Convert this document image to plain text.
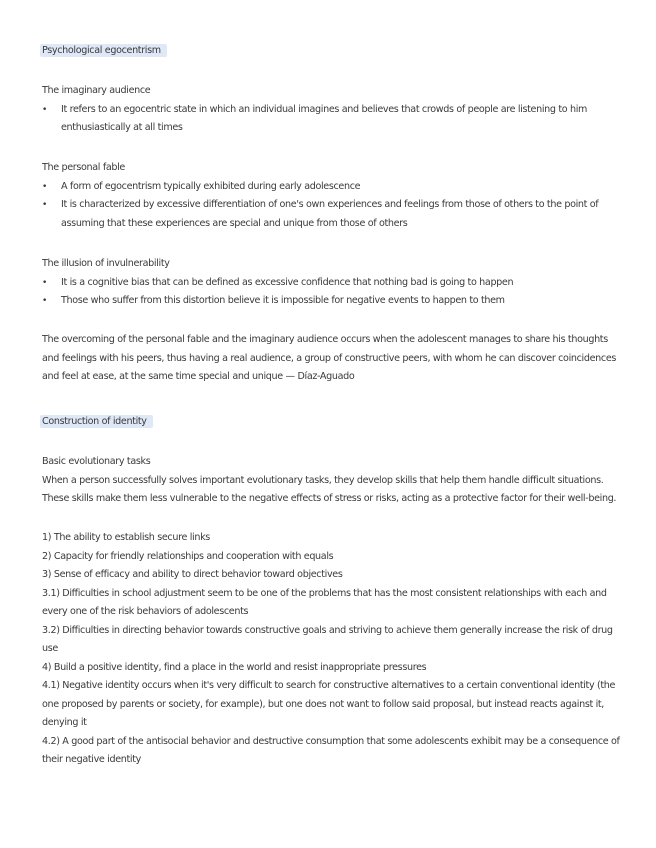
Psychological egocentrism
The imaginary audience
• It refers to an egocentric state in which an individual imagines and believes that crowds of people are listening to him enthusiastically at all times
The personal fable
• A form of egocentrism typically exhibited during early adolescence
• It is characterized by excessive differentiation of one's own experiences and feelings from those of others to the point of assuming that these experiences are special and unique from those of others
The illusion of invulnerability
• It is a cognitive bias that can be defined as excessive confidence that nothing bad is going to happen
• Those who suffer from this distortion believe it is impossible for negative events to happen to them
The overcoming of the personal fable and the imaginary audience occurs when the adolescent manages to share his thoughts and feelings with his peers, thus having a real audience, a group of constructive peers, with whom he can discover coincidences and feel at ease, at the same time special and unique — Díaz-Aguado
Construction of identity
Basic evolutionary tasks
When a person successfully solves important evolutionary tasks, they develop skills that help them handle difficult situations. These skills make them less vulnerable to the negative effects of stress or risks, acting as a protective factor for their well-being.
1) The ability to establish secure links
2) Capacity for friendly relationships and cooperation with equals
3) Sense of efficacy and ability to direct behavior toward objectives
3.1) Difficulties in school adjustment seem to be one of the problems that has the most consistent relationships with each and every one of the risk behaviors of adolescents
3.2) Difficulties in directing behavior towards constructive goals and striving to achieve them generally increase the risk of drug use
4) Build a positive identity, find a place in the world and resist inappropriate pressures
4.1) Negative identity occurs when it's very difficult to search for constructive alternatives to a certain conventional identity (the one proposed by parents or society, for example), but one does not want to follow said proposal, but instead reacts against it, denying it
4.2) A good part of the antisocial behavior and destructive consumption that some adolescents exhibit may be a consequence of their negative identity
